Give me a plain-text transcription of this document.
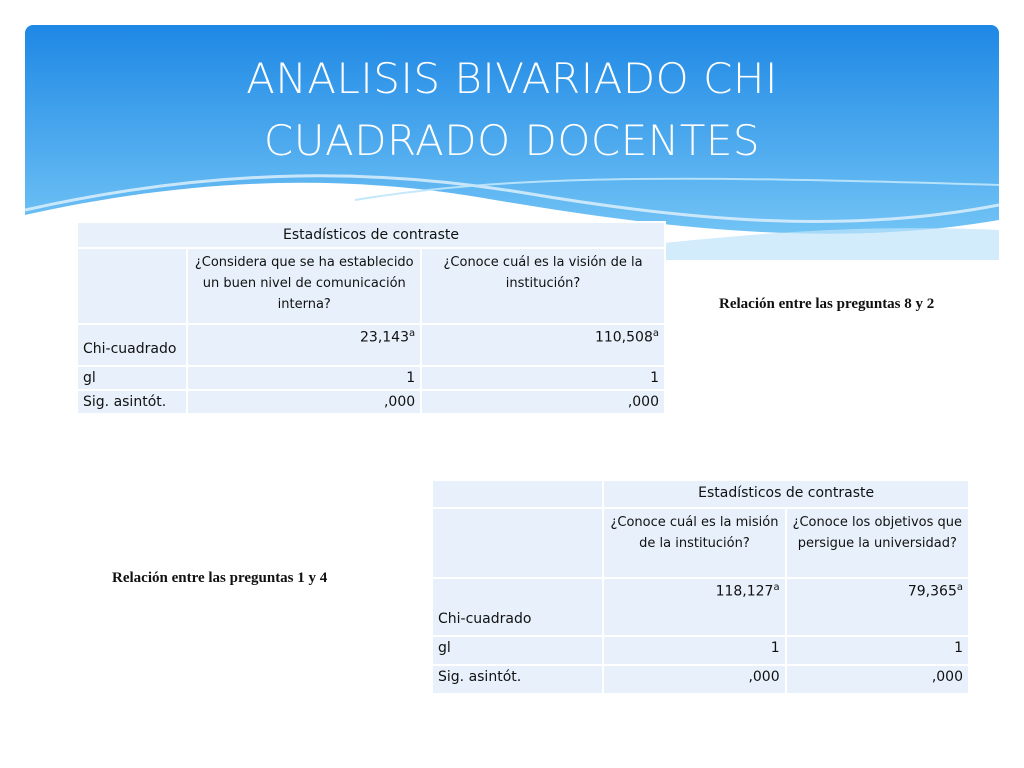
ANALISIS BIVARIADO CHI
CUADRADO DOCENTES
Estadísticos de contraste		
	¿Considera que se ha establecido un buen nivel de comunicación interna?	¿Conoce cuál es la visión de la institución?
Chi-cuadrado	23,143$^a$	110,508$^a$
gl	1	1
Sig. asintót.	,000	,000
Relación entre las preguntas 8 y 2
	Estadísticos de contraste	
	¿Conoce cuál es la misión de la institución?	¿Conoce los objetivos que persigue la universidad?
Chi-cuadrado	118,127$^a$	79,365$^a$
gl	1	1
Sig. asintót.	,000	,000
Relación entre las preguntas 1 y 4
